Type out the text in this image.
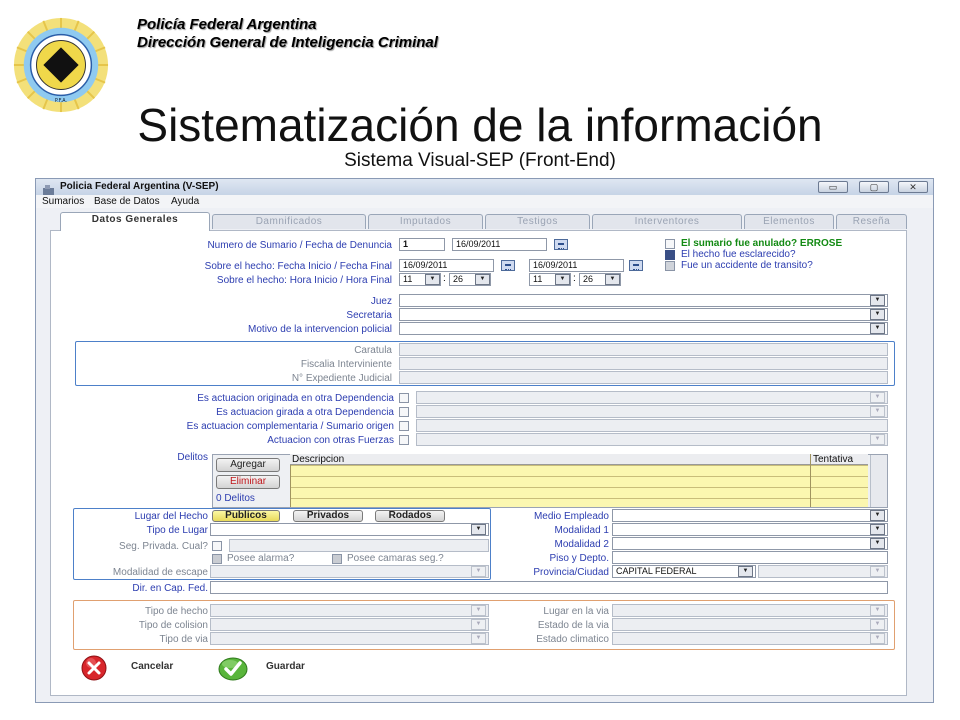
P.F.A.
Policía Federal Argentina
Dirección General de Inteligencia Criminal
Sistematización de la información
Sistema Visual-SEP (Front-End)
Policia Federal Argentina (V-SEP)	▭	▢	✕
Sumarios Base de Datos Ayuda
Datos Generales	Damnificados	Imputados	Testigos	Interventores	Elementos	Reseña
Numero de Sumario / Fecha de Denuncia	1	16/09/2011
Sobre el hecho: Fecha Inicio / Fecha Final	16/09/2011	16/09/2011
Sobre el hecho: Hora Inicio / Hora Final	11	▼ : 26	▼	11	▼ : 26	▼
El sumario fue anulado? ERROSE
El hecho fue esclarecido?
Fue un accidente de transito?
Juez	▼
Secretaria	▼
Motivo de la intervencion policial	▼
Caratula
Fiscalia Interviniente
N° Expediente Judicial
Es actuacion originada en otra Dependencia	▼
Es actuacion girada a otra Dependencia	▼
Es actuacion complementaria / Sumario origen
Actuacion con otras Fuerzas	▼
Delitos
Agregar
Eliminar
0 Delitos
Descripcion	Tentativa
Lugar del Hecho	Publicos	Privados	Rodados
Tipo de Lugar	▼
Seg. Privada. Cual?
Posee alarma?	Posee camaras seg.?
Modalidad de escape	▼
Medio Empleado	▼
Modalidad 1	▼
Modalidad 2	▼
Piso y Depto.
Provincia/Ciudad CAPITAL FEDERAL	▼	▼
Dir. en Cap. Fed.
Tipo de hecho	▼
Tipo de colision	▼
Tipo de via	▼
Lugar en la via	▼
Estado de la via	▼
Estado climatico	▼
Cancelar	Guardar
